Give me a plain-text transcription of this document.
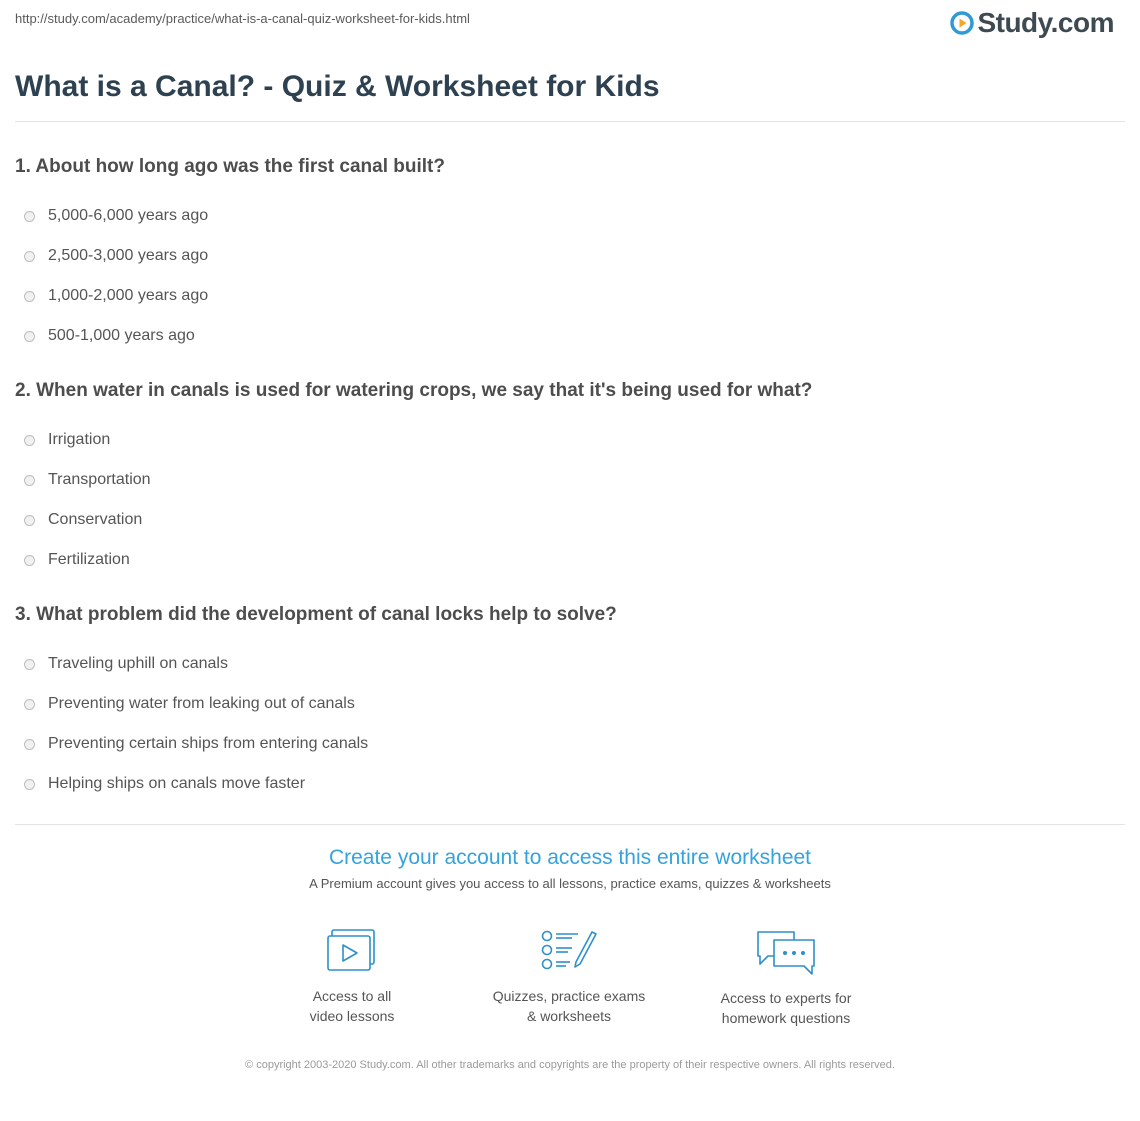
http://study.com/academy/practice/what-is-a-canal-quiz-worksheet-for-kids.html	Study.com
What is a Canal? - Quiz & Worksheet for Kids

1. About how long ago was the first canal built?

5,000-6,000 years ago
2,500-3,000 years ago
1,000-2,000 years ago
500-1,000 years ago

2. When water in canals is used for watering crops, we say that it's being used for what?

Irrigation
Transportation
Conservation
Fertilization

3. What problem did the development of canal locks help to solve?

Traveling uphill on canals
Preventing water from leaking out of canals
Preventing certain ships from entering canals
Helping ships on canals move faster
Create your account to access this entire worksheet

A Premium account gives you access to all lessons, practice exams, quizzes & worksheets

Access to all
video lessons
Quizzes, practice exams
& worksheets
Access to experts for
homework questions
© copyright 2003-2020 Study.com. All other trademarks and copyrights are the property of their respective owners. All rights reserved.
